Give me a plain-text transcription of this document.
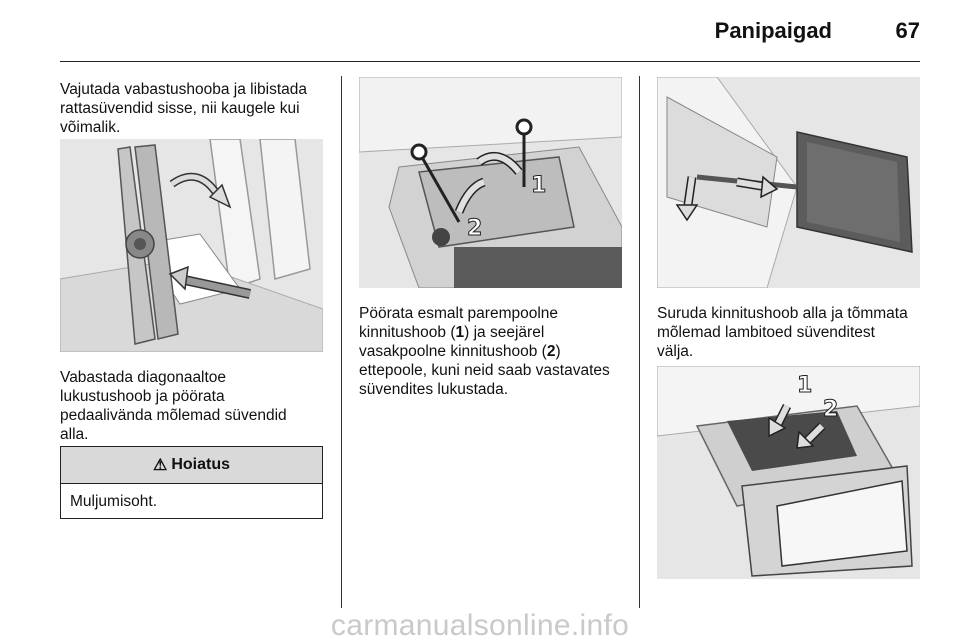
Panipaigad	67
Vajutada vabastushooba ja libistada
rattasüvendid sisse, nii kaugele kui
võimalik.
Vabastada diagonaaltoe
lukustushoob ja pöörata
pedaalivända mõlemad süvendid
alla.
⚠ Hoiatus
Muljumisoht.
1
2
Pöörata esmalt parempoolne
kinnitushoob (1) ja seejärel
vasakpoolne kinnitushoob (2)
ettepoole, kuni neid saab vastavates
süvendites lukustada.
Suruda kinnitushoob alla ja tõmmata
mõlemad lambitoed süvenditest
välja.
1
2
carmanualsonline.info
